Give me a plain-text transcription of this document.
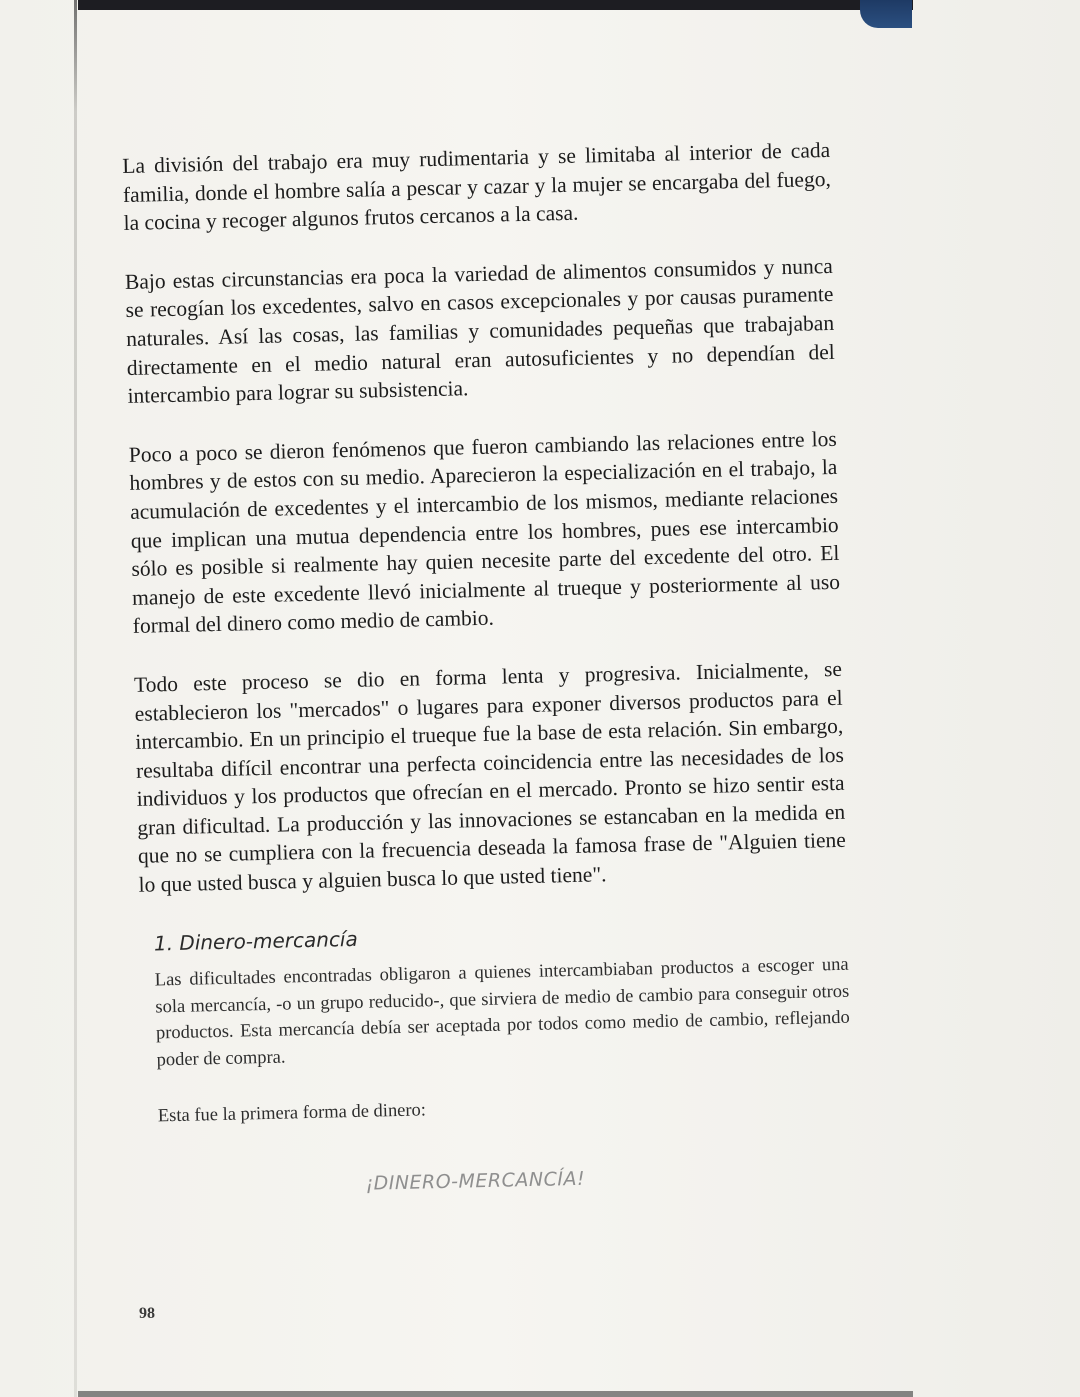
La división del trabajo era muy rudimentaria y se limitaba al interior de cada familia, donde el hombre salía a pescar y cazar y la mujer se encargaba del fuego, la cocina y recoger algunos frutos cercanos a la casa.

Bajo estas circunstancias era poca la variedad de alimentos consumidos y nunca se recogían los excedentes, salvo en casos excepcionales y por causas puramente naturales. Así las cosas, las familias y comunidades pequeñas que trabajaban directamente en el medio natural eran autosuficientes y no dependían del intercambio para lograr su subsistencia.

Poco a poco se dieron fenómenos que fueron cambiando las relaciones entre los hombres y de estos con su medio. Aparecieron la especialización en el trabajo, la acumulación de excedentes y el intercambio de los mismos, mediante relaciones que implican una mutua dependencia entre los hombres, pues ese intercambio sólo es posible si realmente hay quien necesite parte del excedente del otro. El manejo de este excedente llevó inicialmente al trueque y posteriormente al uso formal del dinero como medio de cambio.

Todo este proceso se dio en forma lenta y progresiva. Inicialmente, se establecieron los "mercados" o lugares para exponer diversos productos para el intercambio. En un principio el trueque fue la base de esta relación. Sin embargo, resultaba difícil encontrar una perfecta coincidencia entre las necesidades de los individuos y los productos que ofrecían en el mercado. Pronto se hizo sentir esta gran dificultad. La producción y las innovaciones se estancaban en la medida en que no se cumpliera con la frecuencia deseada la famosa frase de "Alguien tiene lo que usted busca y alguien busca lo que usted tiene".

1. Dinero-mercancía

Las dificultades encontradas obligaron a quienes intercambiaban productos a escoger una sola mercancía, -o un grupo reducido-, que sirviera de medio de cambio para conseguir otros productos. Esta mercancía debía ser aceptada por todos como medio de cambio, reflejando poder de compra.

Esta fue la primera forma de dinero:

¡DINERO-MERCANCÍA!
98
